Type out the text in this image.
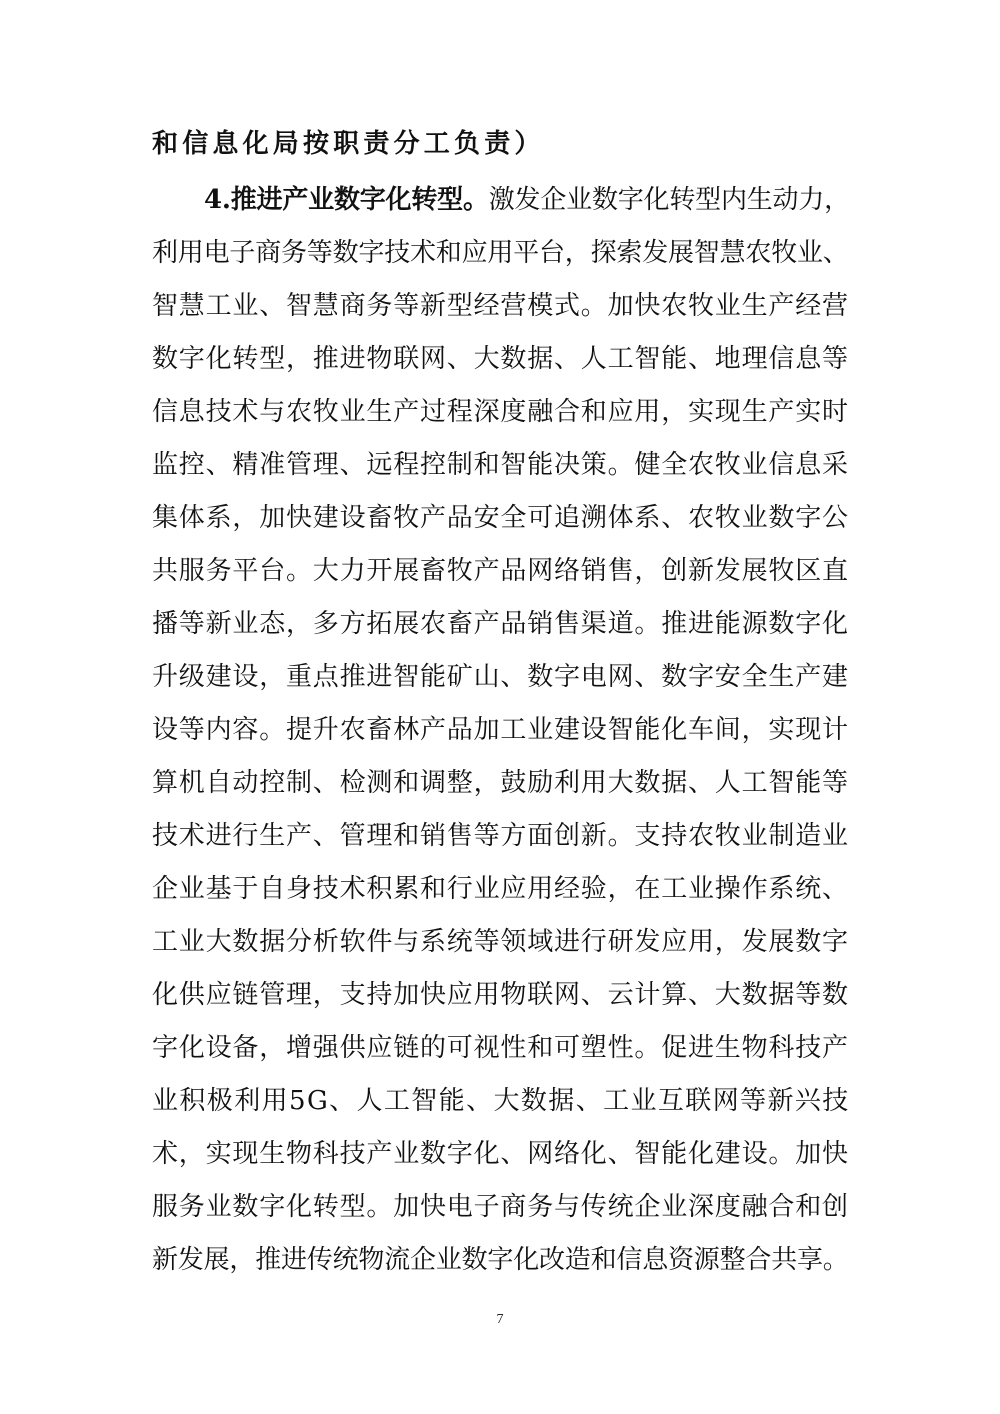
和信息化局按职责分工负责）
4.推进产业数字化转型。激发企业数字化转型内生动力，
利用电子商务等数字技术和应用平台，探索发展智慧农牧业、
智慧工业、智慧商务等新型经营模式。加快农牧业生产经营
数字化转型，推进物联网、大数据、人工智能、地理信息等
信息技术与农牧业生产过程深度融合和应用，实现生产实时
监控、精准管理、远程控制和智能决策。健全农牧业信息采
集体系，加快建设畜牧产品安全可追溯体系、农牧业数字公
共服务平台。大力开展畜牧产品网络销售，创新发展牧区直
播等新业态，多方拓展农畜产品销售渠道。推进能源数字化
升级建设，重点推进智能矿山、数字电网、数字安全生产建
设等内容。提升农畜林产品加工业建设智能化车间，实现计
算机自动控制、检测和调整，鼓励利用大数据、人工智能等
技术进行生产、管理和销售等方面创新。支持农牧业制造业
企业基于自身技术积累和行业应用经验，在工业操作系统、
工业大数据分析软件与系统等领域进行研发应用，发展数字
化供应链管理，支持加快应用物联网、云计算、大数据等数
字化设备，增强供应链的可视性和可塑性。促进生物科技产
业积极利用5G、人工智能、大数据、工业互联网等新兴技
术，实现生物科技产业数字化、网络化、智能化建设。加快
服务业数字化转型。加快电子商务与传统企业深度融合和创
新发展，推进传统物流企业数字化改造和信息资源整合共享。
7
